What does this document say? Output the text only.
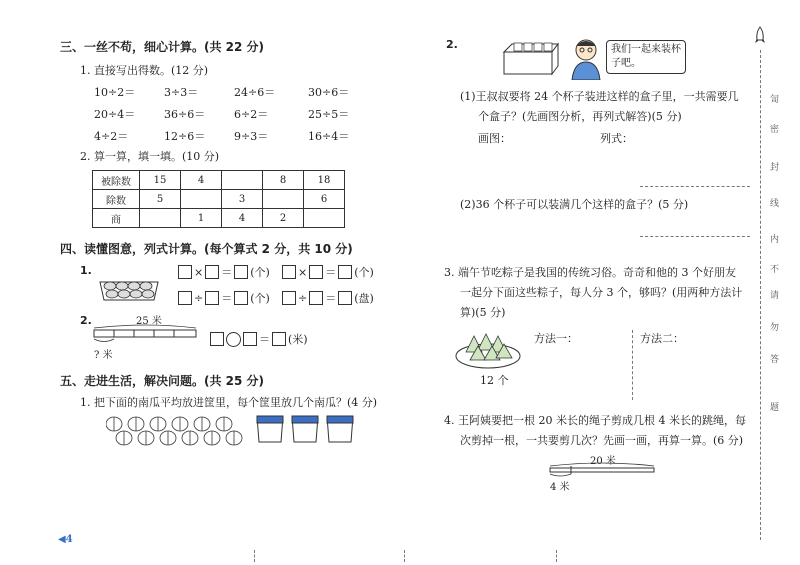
三、一丝不苟，细心计算。(共 22 分)
1. 直接写出得数。(12 分)
10÷2＝	3÷3＝	24÷6＝	30÷6＝
20÷4＝	36÷6＝	6÷2＝	25÷5＝
4÷2＝	12÷6＝	9÷3＝	16÷4＝
2. 算一算，填一填。(10 分)
被除数	15	4		8	18
除数	5		3		6
商		1	4	2	
四、读懂图意，列式计算。(每个算式 2 分，共 10 分)
1.	× ＝ (个)	× ＝ (个)
÷ ＝ (个)	÷ ＝ (盘)
2.	25 米
? 米
＝ (米)
五、走进生活，解决问题。(共 25 分)
1. 把下面的南瓜平均放进筐里，每个筐里放几个南瓜？(4 分)
◀4
2.	我们一起来装杯
子吧。
(1)王叔叔要将 24 个杯子装进这样的盒子里，一共需要几
个盒子？(先画图分析，再列式解答)(5 分)
画图：	列式：
(2)36 个杯子可以装满几个这样的盒子？(5 分)
3. 端午节吃粽子是我国的传统习俗。奇奇和他的 3 个好朋友
一起分下面这些粽子，每人分 3 个，够吗？(用两种方法计
算)(5 分)
12 个
方法一：	方法二：
4. 王阿姨要把一根 20 米长的绳子剪成几根 4 米长的跳绳，每
次剪掉一根，一共要剪几次？先画一画，再算一算。(6 分)
20 米
4 米
訇
密
封
线
内
不
请
勿
答
题
